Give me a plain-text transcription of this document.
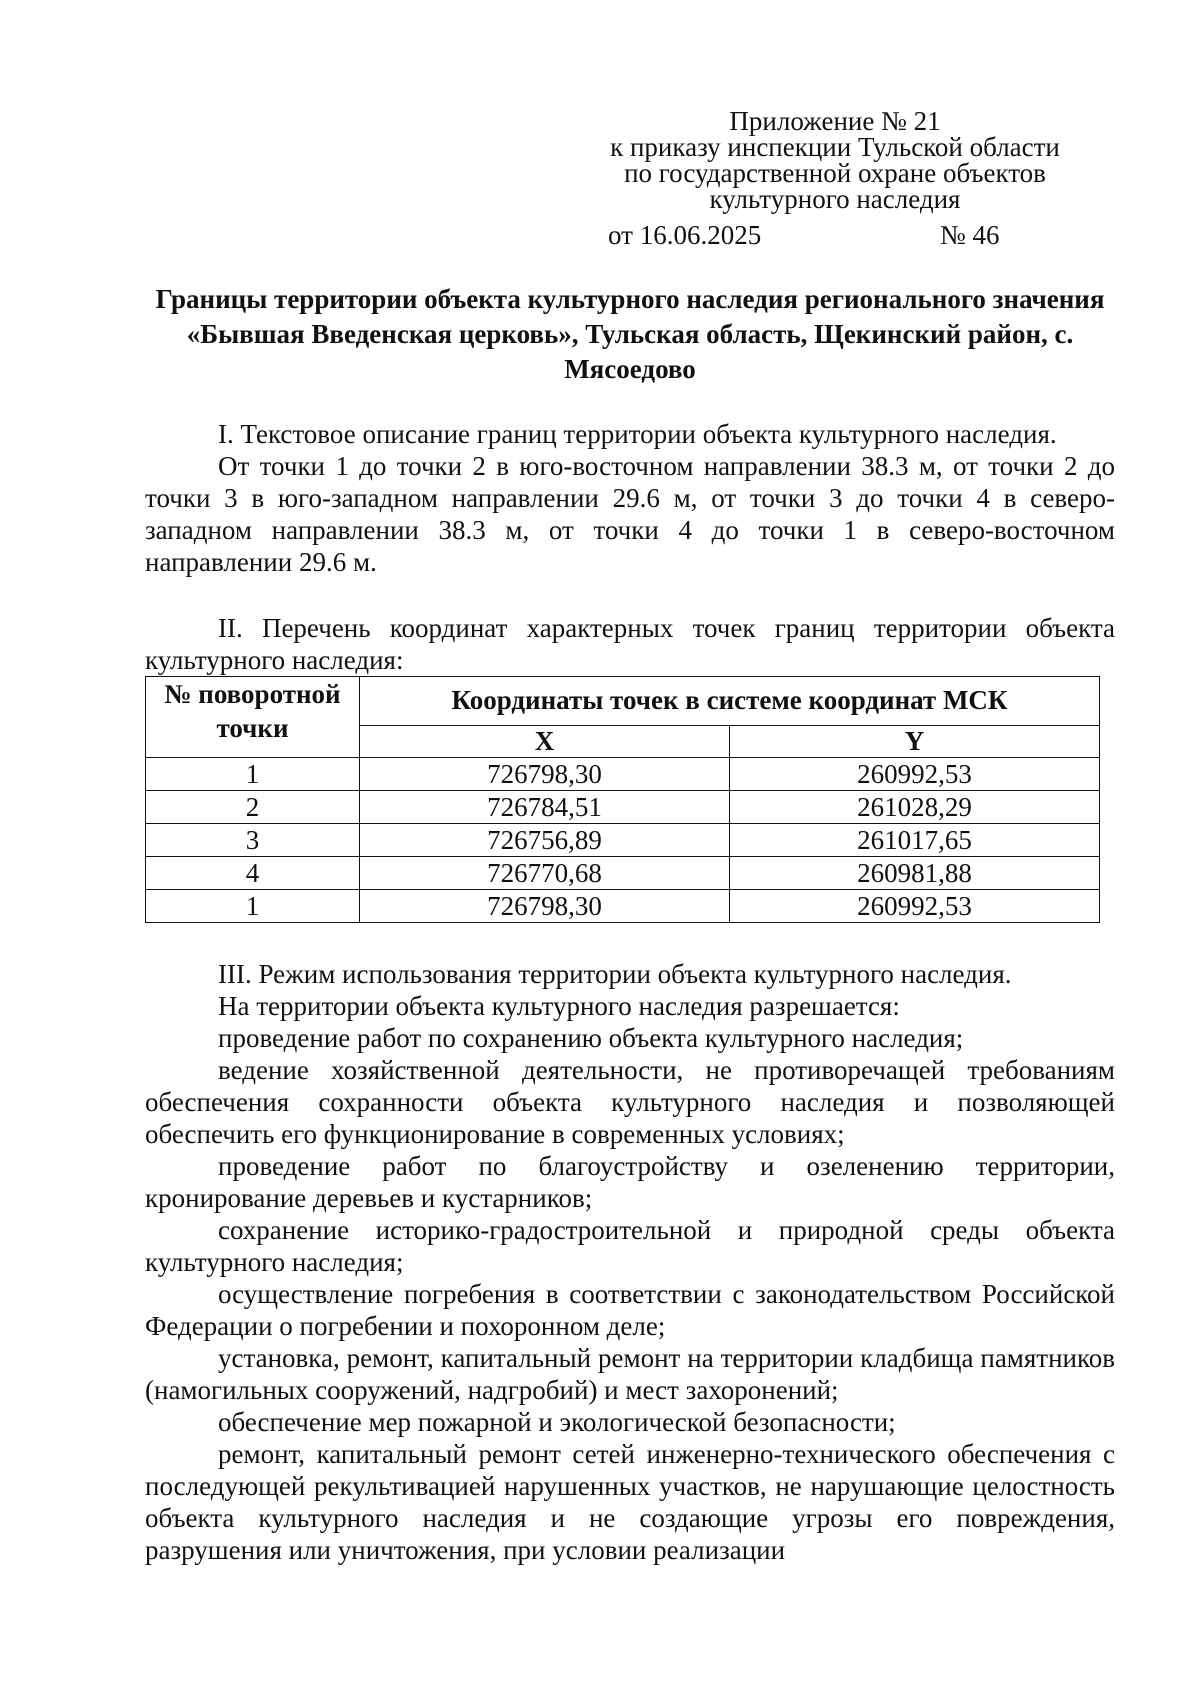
Приложение № 21
к приказу инспекции Тульской области
по государственной охране объектов
культурного наследия
от 16.06.2025	№ 46
Границы территории объекта культурного наследия регионального значения «Бывшая Введенская церковь», Тульская область, Щекинский район, с. Мясоедово
I. Текстовое описание границ территории объекта культурного наследия.
От точки 1 до точки 2 в юго-восточном направлении 38.3 м, от точки 2 до точки 3 в юго-западном направлении 29.6 м, от точки 3 до точки 4 в северо-западном направлении 38.3 м, от точки 4 до точки 1 в северо-восточном направлении 29.6 м.
II. Перечень координат характерных точек границ территории объекта культурного наследия:
№ поворотной точки	Координаты точек в системе координат МСК	
	X	Y
1	726798,30	260992,53
2	726784,51	261028,29
3	726756,89	261017,65
4	726770,68	260981,88
1	726798,30	260992,53
III. Режим использования территории объекта культурного наследия.
На территории объекта культурного наследия разрешается:
проведение работ по сохранению объекта культурного наследия;
ведение хозяйственной деятельности, не противоречащей требованиям обеспечения сохранности объекта культурного наследия и позволяющей обеспечить его функционирование в современных условиях;
проведение работ по благоустройству и озеленению территории, кронирование деревьев и кустарников;
сохранение историко-градостроительной и природной среды объекта культурного наследия;
осуществление погребения в соответствии с законодательством Российской Федерации о погребении и похоронном деле;
установка, ремонт, капитальный ремонт на территории кладбища памятников (намогильных сооружений, надгробий) и мест захоронений;
обеспечение мер пожарной и экологической безопасности;
ремонт, капитальный ремонт сетей инженерно-технического обеспечения с последующей рекультивацией нарушенных участков, не нарушающие целостность объекта культурного наследия и не создающие угрозы его повреждения, разрушения или уничтожения, при условии реализации
